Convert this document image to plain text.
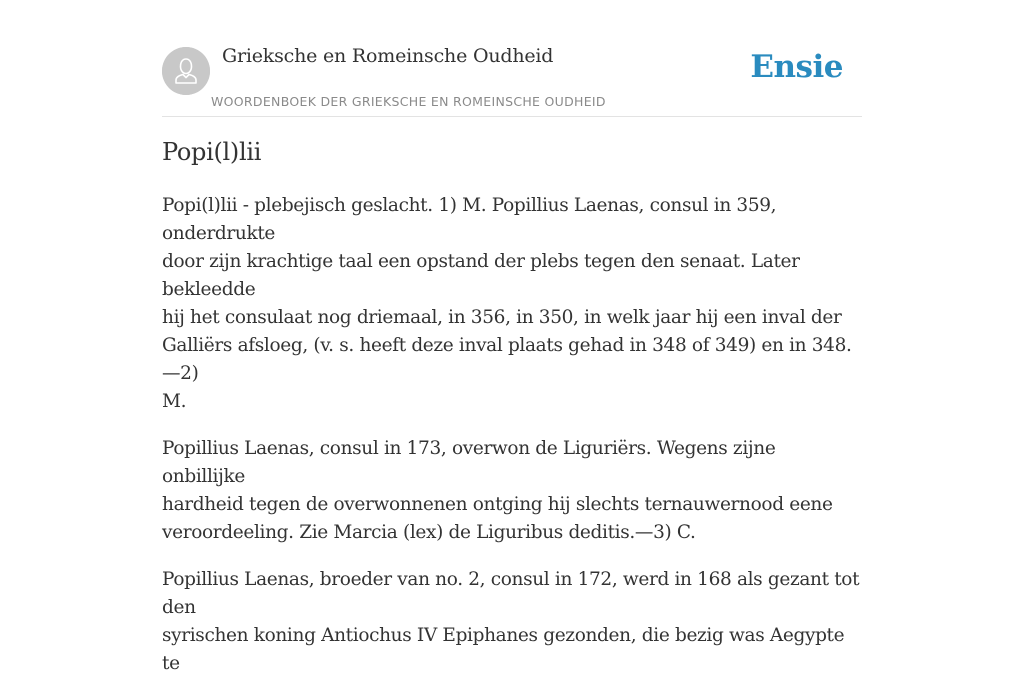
Grieksche en Romeinsche Oudheid
WOORDENBOEK DER GRIEKSCHE EN ROMEINSCHE OUDHEID
Ensie
Popi(l)lii

Popi(l)lii - plebejisch geslacht. 1) M. Popillius Laenas, consul in 359, onderdrukte
door zijn krachtige taal een opstand der plebs tegen den senaat. Later bekleedde
hij het consulaat nog driemaal, in 356, in 350, in welk jaar hij een inval der
Galliërs afsloeg, (v. s. heeft deze inval plaats gehad in 348 of 349) en in 348.—2)
M.

Popillius Laenas, consul in 173, overwon de Liguriërs. Wegens zijne onbillijke
hardheid tegen de overwonnenen ontging hij slechts ternauwernood eene
veroordeeling. Zie Marcia (lex) de Liguribus deditis.—3) C.

Popillius Laenas, broeder van no. 2, consul in 172, werd in 168 als gezant tot den
syrischen koning Antiochus IV Epiphanes gezonden, die bezig was Aegypte te
